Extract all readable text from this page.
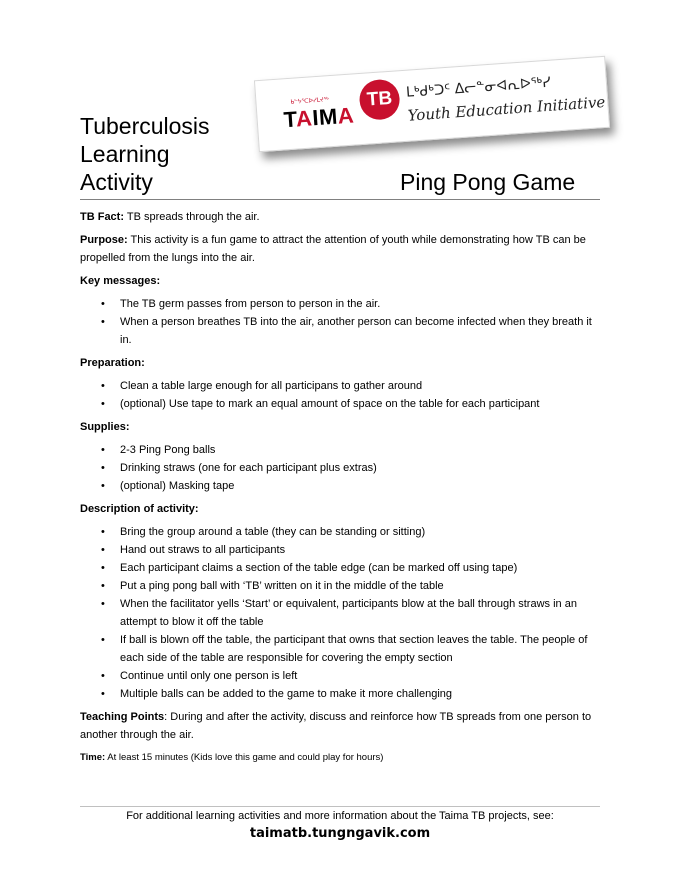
ᑲᓪᔭᕐᑕᐅᓯᒪᔪᖅ
TAIMA
TB ᒪᒃᑯᒃᑐᑦ ᐃᓕᓐᓂᐊᕆᐅᖅᓯ
Youth Education Initiative
Tuberculosis
Learning
Activity	Ping Pong Game

TB Fact: TB spreads through the air.

Purpose: This activity is a fun game to attract the attention of youth while demonstrating how TB can be propelled from the lungs into the air.

Key messages:

• The TB germ passes from person to person in the air.
• When a person breathes TB into the air, another person can become infected when they breath it in.

Preparation:

• Clean a table large enough for all participans to gather around
• (optional) Use tape to mark an equal amount of space on the table for each participant

Supplies:

• 2-3 Ping Pong balls
• Drinking straws (one for each participant plus extras)
• (optional) Masking tape

Description of activity:

• Bring the group around a table (they can be standing or sitting)
• Hand out straws to all participants
• Each participant claims a section of the table edge (can be marked off using tape)
• Put a ping pong ball with ‘TB’ written on it in the middle of the table
• When the facilitator yells ‘Start’ or equivalent, participants blow at the ball through straws in an attempt to blow it off the table
• If ball is blown off the table, the participant that owns that section leaves the table. The people of each side of the table are responsible for covering the empty section
• Continue until only one person is left
• Multiple balls can be added to the game to make it more challenging

Teaching Points: During and after the activity, discuss and reinforce how TB spreads from one person to another through the air.

Time: At least 15 minutes (Kids love this game and could play for hours)

For additional learning activities and more information about the Taima TB projects, see:
taimatb.tungngavik.com
